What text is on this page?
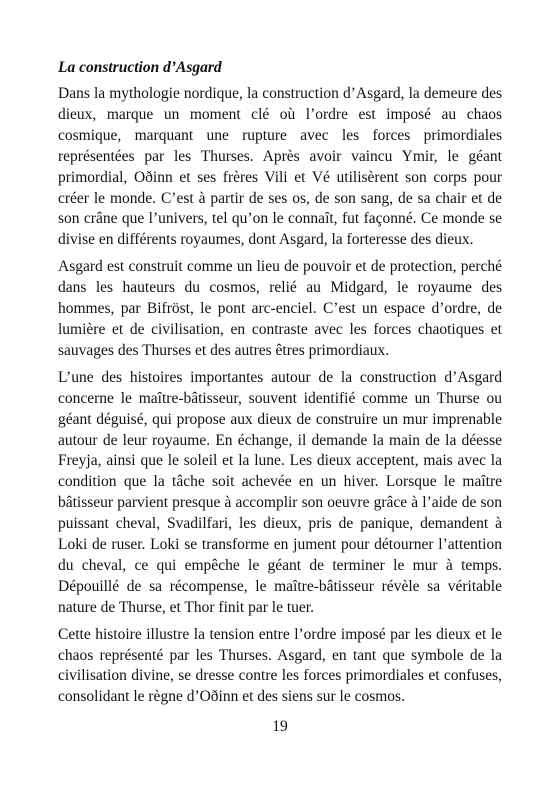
La construction d’Asgard

Dans la mythologie nordique, la construction d’Asgard, la demeure des dieux, marque un moment clé où l’ordre est imposé au chaos cosmique, marquant une rupture avec les forces primordiales représentées par les Thurses. Après avoir vaincu Ymir, le géant primordial, Oðinn et ses frères Vili et Vé utilisèrent son corps pour créer le monde. C’est à partir de ses os, de son sang, de sa chair et de son crâne que l’univers, tel qu’on le connaît, fut façonné. Ce monde se divise en différents royaumes, dont Asgard, la forteresse des dieux.

Asgard est construit comme un lieu de pouvoir et de protection, perché dans les hauteurs du cosmos, relié au Midgard, le royaume des hommes, par Bifröst, le pont arc-enciel. C’est un espace d’ordre, de lumière et de civilisation, en contraste avec les forces chaotiques et sauvages des Thurses et des autres êtres primordiaux.

L’une des histoires importantes autour de la construction d’Asgard concerne le maître-bâtisseur, souvent identifié comme un Thurse ou géant déguisé, qui propose aux dieux de construire un mur imprenable autour de leur royaume. En échange, il demande la main de la déesse Freyja, ainsi que le soleil et la lune. Les dieux acceptent, mais avec la condition que la tâche soit achevée en un hiver. Lorsque le maître bâtisseur parvient presque à accomplir son oeuvre grâce à l’aide de son puissant cheval, Svadilfari, les dieux, pris de panique, demandent à Loki de ruser. Loki se transforme en jument pour détourner l’attention du cheval, ce qui empêche le géant de terminer le mur à temps. Dépouillé de sa récompense, le maître-bâtisseur révèle sa véritable nature de Thurse, et Thor finit par le tuer.

Cette histoire illustre la tension entre l’ordre imposé par les dieux et le chaos représenté par les Thurses. Asgard, en tant que symbole de la civilisation divine, se dresse contre les forces primordiales et confuses, consolidant le règne d’Oðinn et des siens sur le cosmos.

19
